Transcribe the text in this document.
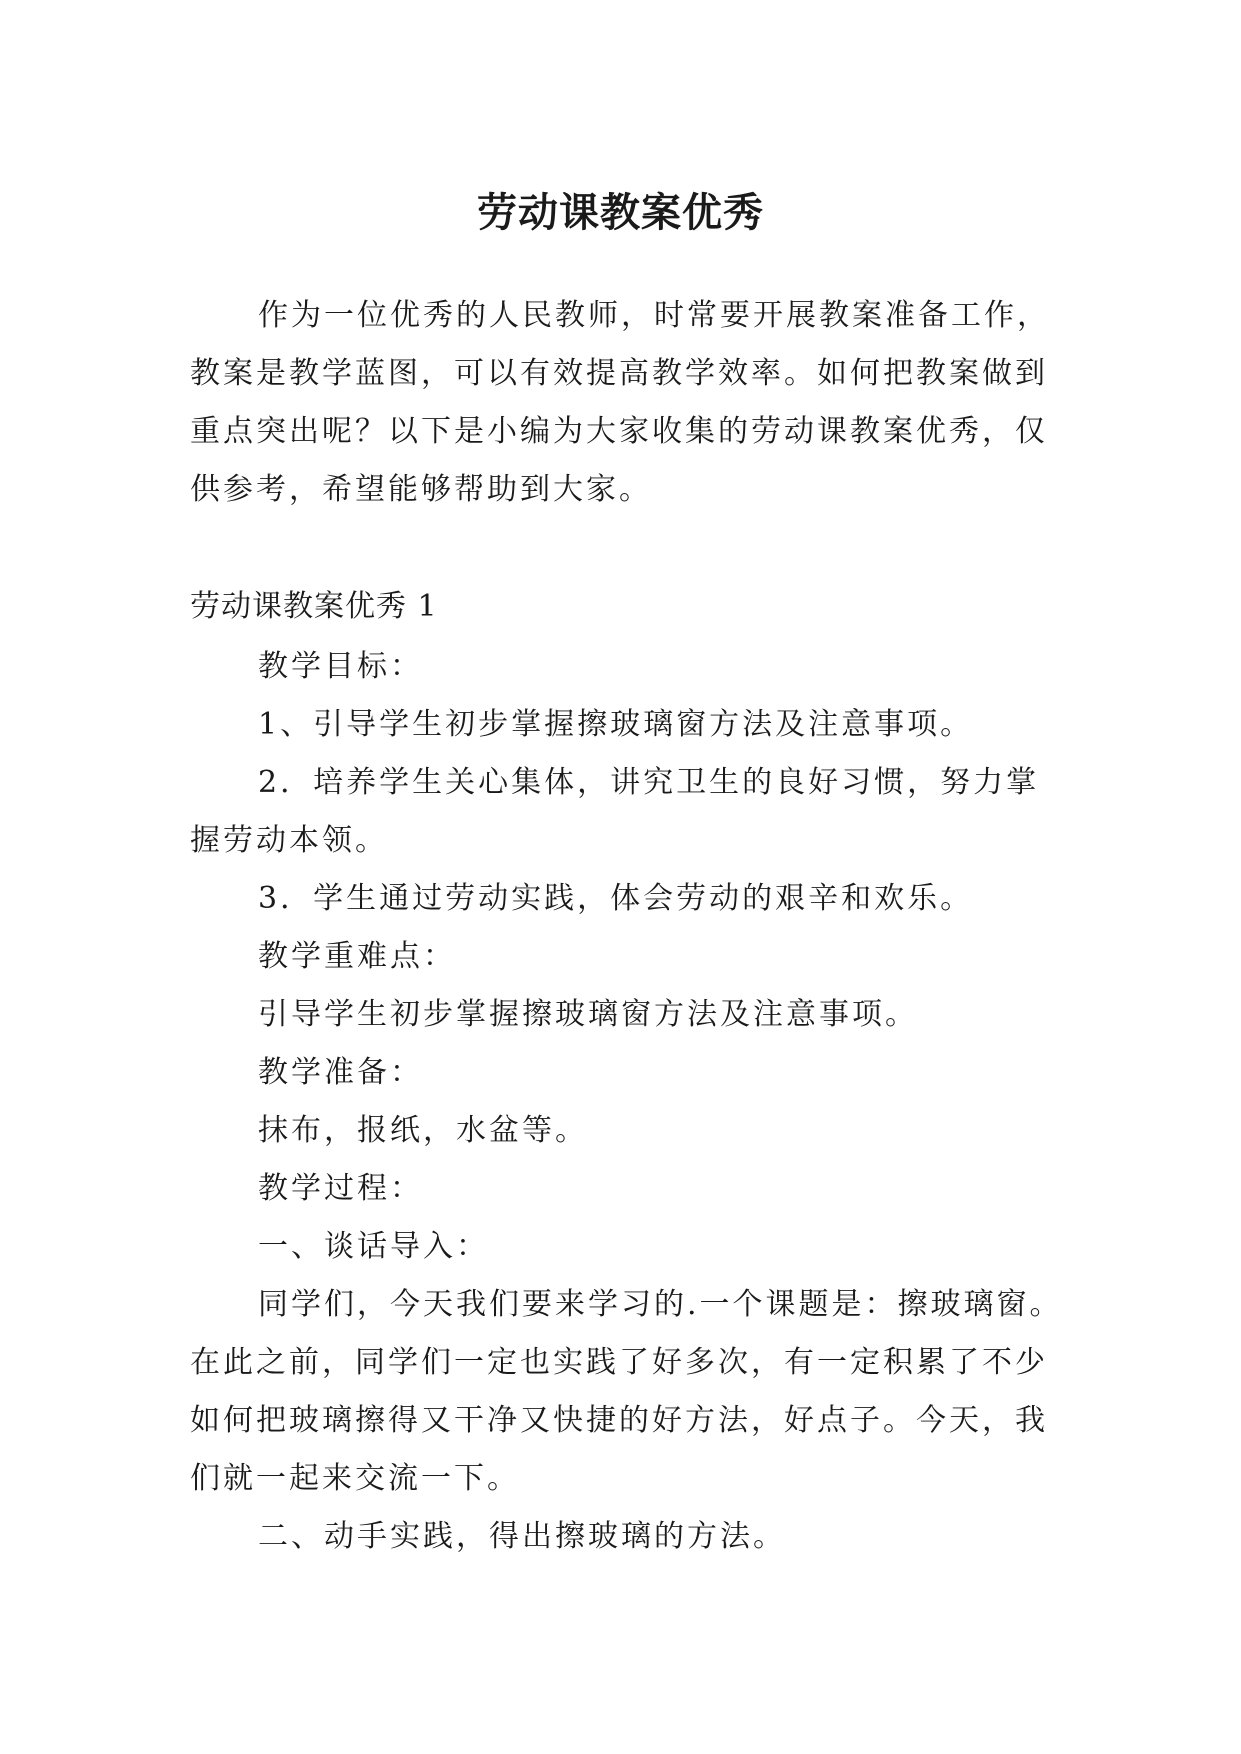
劳动课教案优秀

作为一位优秀的人民教师，时常要开展教案准备工作，教案是教学蓝图，可以有效提高教学效率。如何把教案做到重点突出呢？以下是小编为大家收集的劳动课教案优秀，仅供参考，希望能够帮助到大家。

劳动课教案优秀 1

教学目标：

1、引导学生初步掌握擦玻璃窗方法及注意事项。

2．培养学生关心集体，讲究卫生的良好习惯，努力掌握劳动本领。

3．学生通过劳动实践，体会劳动的艰辛和欢乐。

教学重难点：

引导学生初步掌握擦玻璃窗方法及注意事项。

教学准备：

抹布，报纸，水盆等。

教学过程：

一、谈话导入：

同学们，今天我们要来学习的.一个课题是：擦玻璃窗。在此之前，同学们一定也实践了好多次，有一定积累了不少如何把玻璃擦得又干净又快捷的好方法，好点子。今天，我们就一起来交流一下。

二、动手实践，得出擦玻璃的方法。
